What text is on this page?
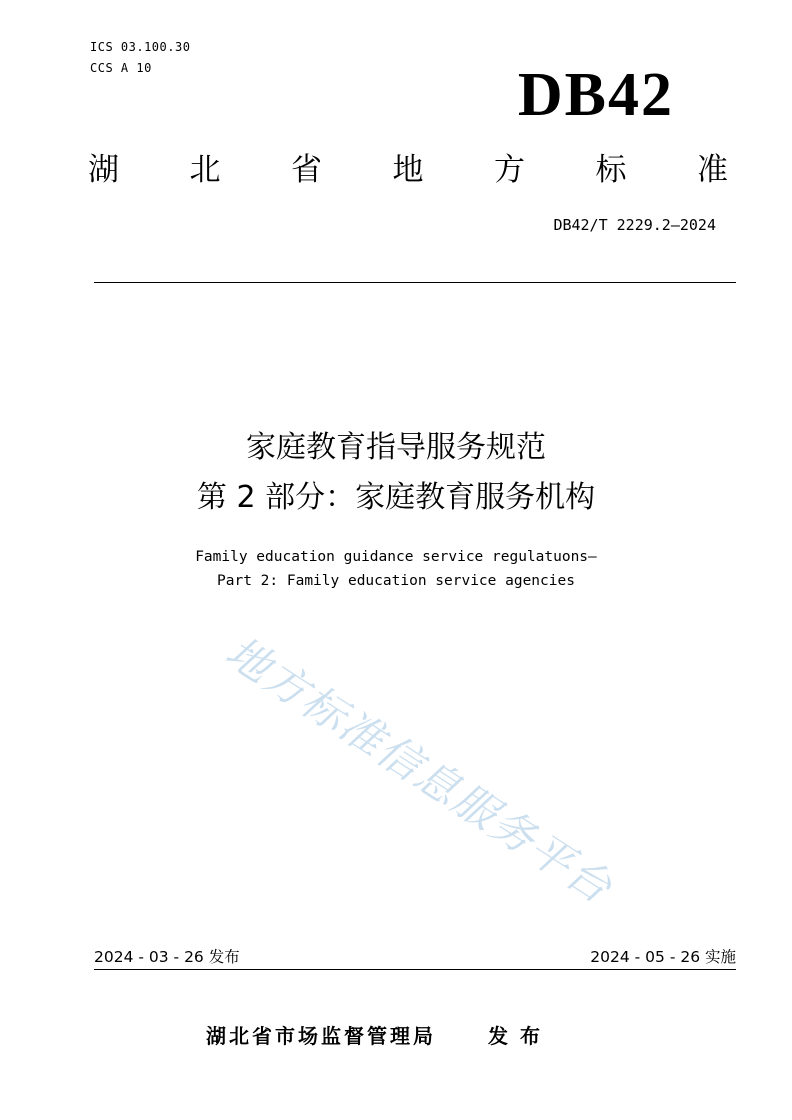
ICS 03.100.30
CCS A 10	DB42
湖 北 省 地 方 标 准
DB42/T 2229.2—2024
家庭教育指导服务规范
第 2 部分：家庭教育服务机构
Family education guidance service regulatuons—
Part 2: Family education service agencies
地方标准信息服务平台
2024 - 03 - 26 发布	2024 - 05 - 26 实施
湖北省市场监督管理局	发布
